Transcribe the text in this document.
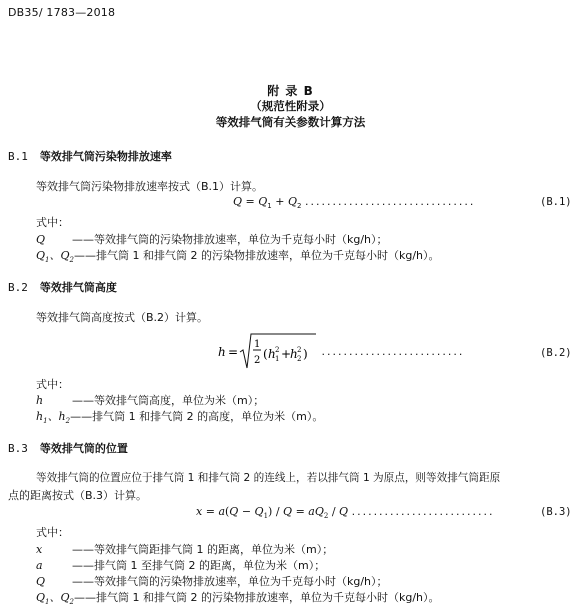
DB35/ 1783—2018
附 录 B
（规范性附录）
等效排气筒有关参数计算方法
B.1 等效排气筒污染物排放速率
等效排气筒污染物排放速率按式（B.1）计算。
$Q = Q_1 + Q_2$ ...............................	(B.1)
式中：
Q ——等效排气筒的污染物排放速率，单位为千克每小时（kg/h）；
$Q_1$、$Q_2——$排气筒 1 和排气筒 2 的污染物排放速率，单位为千克每小时（kg/h）。
B.2 等效排气筒高度
等效排气筒高度按式（B.2）计算。
h =
1
2 ( h 1
2 +
h 2
2 ) ..........................	(B.2)
式中：
h	——等效排气筒高度，单位为米（m）；
$h_1$、$h_2——$排气筒 1 和排气筒 2 的高度，单位为米（m）。
B.3 等效排气筒的位置
等效排气筒的位置应位于排气筒 1 和排气筒 2 的连线上，若以排气筒 1 为原点，则等效排气筒距原
点的距离按式（B.3）计算。
$x = a(Q - Q_1) / Q = aQ_2 / Q$ ..........................	(B.3)
式中：
x	——等效排气筒距排气筒 1 的距离，单位为米（m）；
a	——排气筒 1 至排气筒 2 的距离，单位为米（m）；
Q ——等效排气筒的污染物排放速率，单位为千克每小时（kg/h）；
$Q_1$、$Q_2——$排气筒 1 和排气筒 2 的污染物排放速率，单位为千克每小时（kg/h）。
